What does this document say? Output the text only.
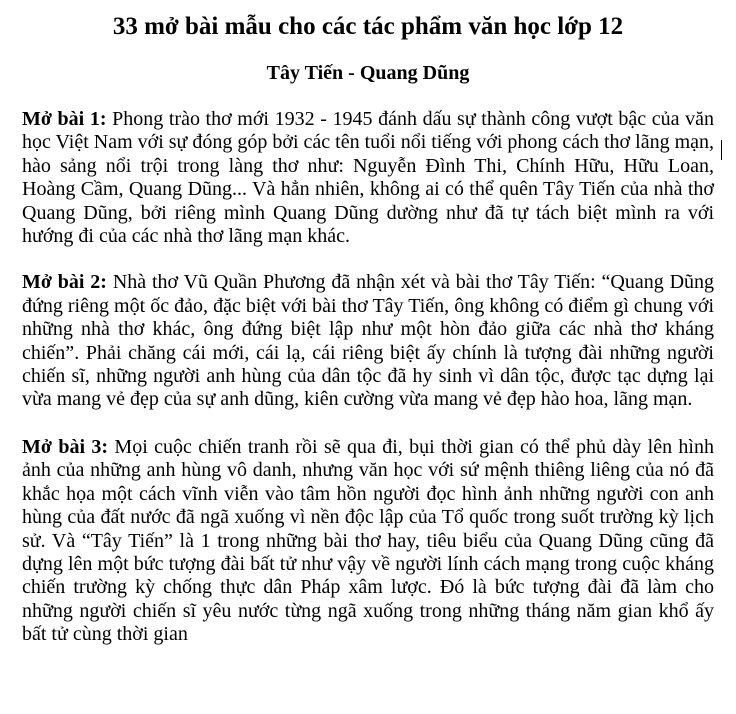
33 mở bài mẫu cho các tác phẩm văn học lớp 12
Tây Tiến - Quang Dũng

Mở bài 1: Phong trào thơ mới 1932 - 1945 đánh dấu sự thành công vượt bậc của văn học Việt Nam với sự đóng góp bởi các tên tuổi nổi tiếng với phong cách thơ lãng mạn, hào sảng nổi trội trong làng thơ như: Nguyễn Đình Thi, Chính Hữu, Hữu Loan, Hoàng Cầm, Quang Dũng... Và hẳn nhiên, không ai có thể quên Tây Tiến của nhà thơ Quang Dũng, bởi riêng mình Quang Dũng dường như đã tự tách biệt mình ra với hướng đi của các nhà thơ lãng mạn khác.

Mở bài 2: Nhà thơ Vũ Quần Phương đã nhận xét và bài thơ Tây Tiến: “Quang Dũng đứng riêng một ốc đảo, đặc biệt với bài thơ Tây Tiến, ông không có điểm gì chung với những nhà thơ khác, ông đứng biệt lập như một hòn đảo giữa các nhà thơ kháng chiến”. Phải chăng cái mới, cái lạ, cái riêng biệt ấy chính là tượng đài những người chiến sĩ, những người anh hùng của dân tộc đã hy sinh vì dân tộc, được tạc dựng lại vừa mang vẻ đẹp của sự anh dũng, kiên cường vừa mang vẻ đẹp hào hoa, lãng mạn.

Mở bài 3: Mọi cuộc chiến tranh rồi sẽ qua đi, bụi thời gian có thể phủ dày lên hình ảnh của những anh hùng vô danh, nhưng văn học với sứ mệnh thiêng liêng của nó đã khắc họa một cách vĩnh viễn vào tâm hồn người đọc hình ảnh những người con anh hùng của đất nước đã ngã xuống vì nền độc lập của Tổ quốc trong suốt trường kỳ lịch sử. Và “Tây Tiến” là 1 trong những bài thơ hay, tiêu biểu của Quang Dũng cũng đã dựng lên một bức tượng đài bất tử như vậy về người lính cách mạng trong cuộc kháng chiến trường kỳ chống thực dân Pháp xâm lược. Đó là bức tượng đài đã làm cho những người chiến sĩ yêu nước từng ngã xuống trong những tháng năm gian khổ ấy bất tử cùng thời gian
